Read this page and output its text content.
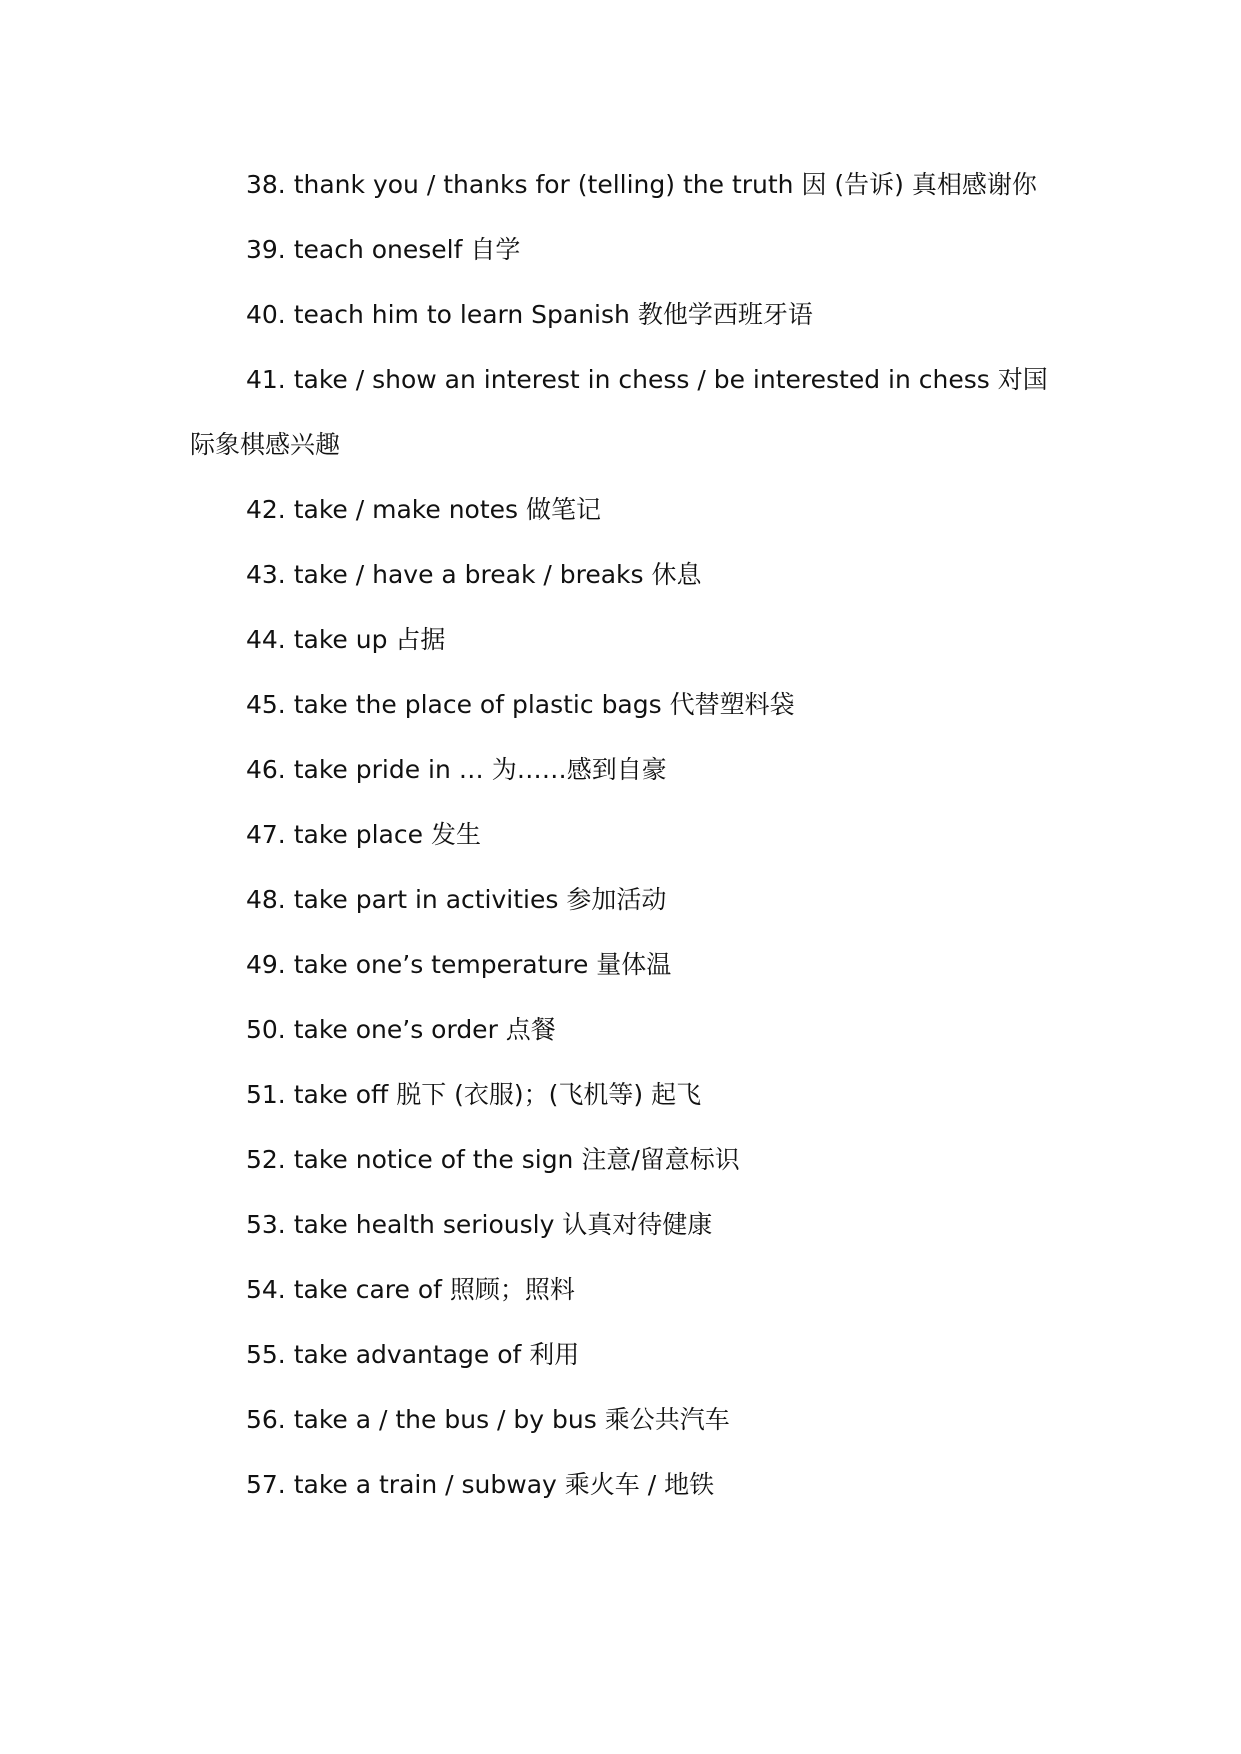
38. thank you / thanks for (telling) the truth 因 (告诉) 真相感谢你
39. teach oneself 自学
40. teach him to learn Spanish 教他学西班牙语
41. take / show an interest in chess / be interested in chess 对国际象棋感兴趣
42. take / make notes 做笔记
43. take / have a break / breaks 休息
44. take up 占据
45. take the place of plastic bags 代替塑料袋
46. take pride in … 为……感到自豪
47. take place 发生
48. take part in activities 参加活动
49. take one’s temperature 量体温
50. take one’s order 点餐
51. take off 脱下 (衣服)；(飞机等) 起飞
52. take notice of the sign 注意/留意标识
53. take health seriously 认真对待健康
54. take care of 照顾；照料
55. take advantage of 利用
56. take a / the bus / by bus 乘公共汽车
57. take a train / subway 乘火车 / 地铁
